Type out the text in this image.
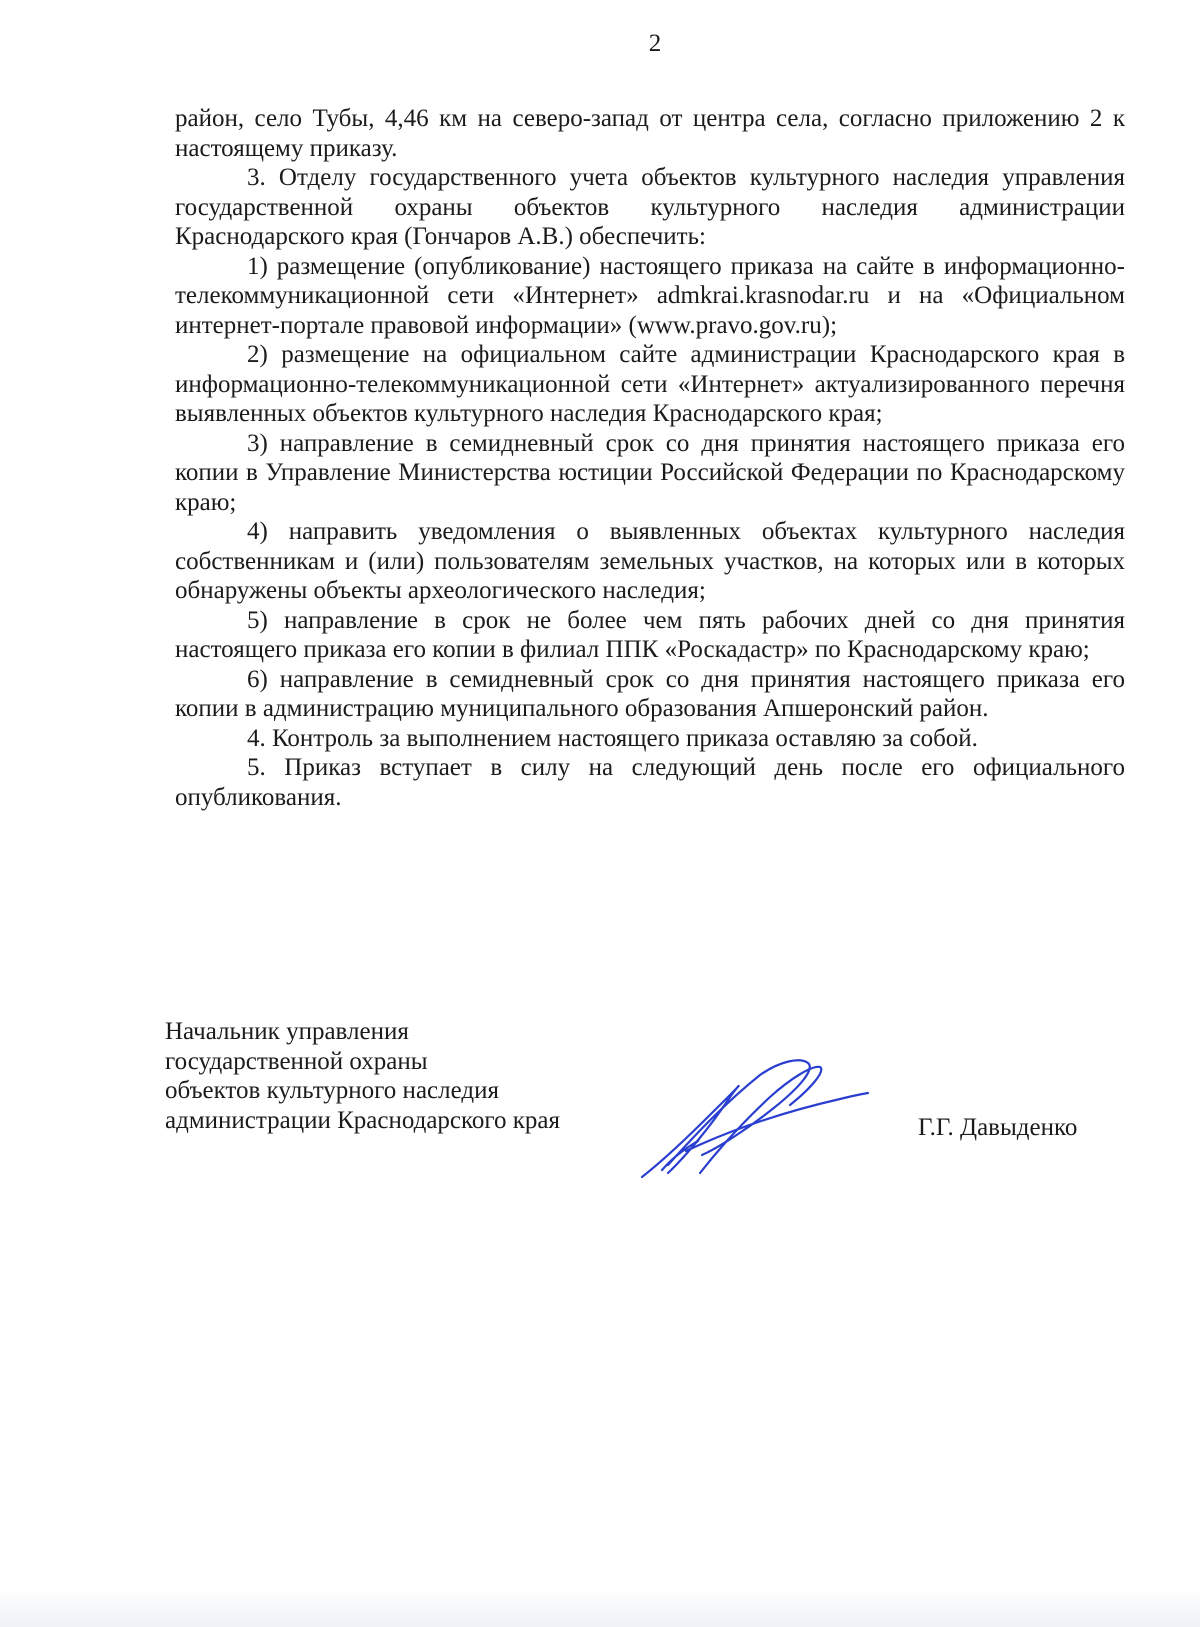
2

район, село Тубы, 4,46 км на северо-запад от центра села, согласно приложению 2 к настоящему приказу.

3. Отделу государственного учета объектов культурного наследия управления государственной охраны объектов культурного наследия администрации Краснодарского края (Гончаров А.В.) обеспечить:

1) размещение (опубликование) настоящего приказа на сайте в информационно-телекоммуникационной сети «Интернет» admkrai.krasnodar.ru и на «Официальном интернет-портале правовой информации» (www.pravo.gov.ru);

2) размещение на официальном сайте администрации Краснодарского края в информационно-телекоммуникационной сети «Интернет» актуализированного перечня выявленных объектов культурного наследия Краснодарского края;

3) направление в семидневный срок со дня принятия настоящего приказа его копии в Управление Министерства юстиции Российской Федерации по Краснодарскому краю;

4) направить уведомления о выявленных объектах культурного наследия собственникам и (или) пользователям земельных участков, на которых или в которых обнаружены объекты археологического наследия;

5) направление в срок не более чем пять рабочих дней со дня принятия настоящего приказа его копии в филиал ППК «Роскадастр» по Краснодарскому краю;

6) направление в семидневный срок со дня принятия настоящего приказа его копии в администрацию муниципального образования Апшеронский район.

4. Контроль за выполнением настоящего приказа оставляю за собой.

5. Приказ вступает в силу на следующий день после его официального опубликования.

Начальник управления
государственной охраны
объектов культурного наследия
администрации Краснодарского края	Г.Г. Давыденко
